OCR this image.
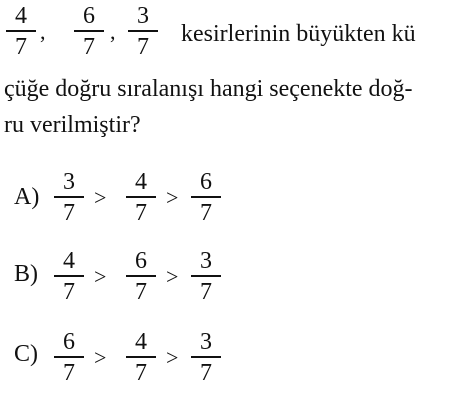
4
7
,
6
7
,
3
7	kesirlerinin büyükten kü
çüğe doğru sıralanışı hangi seçenekte doğ-
ru verilmiştir?
A)
3
7
>
4
7
>
6
7
B)	4
7
>
6
7
>
3
7
C)	6
7
>
4
7
>
3
7
